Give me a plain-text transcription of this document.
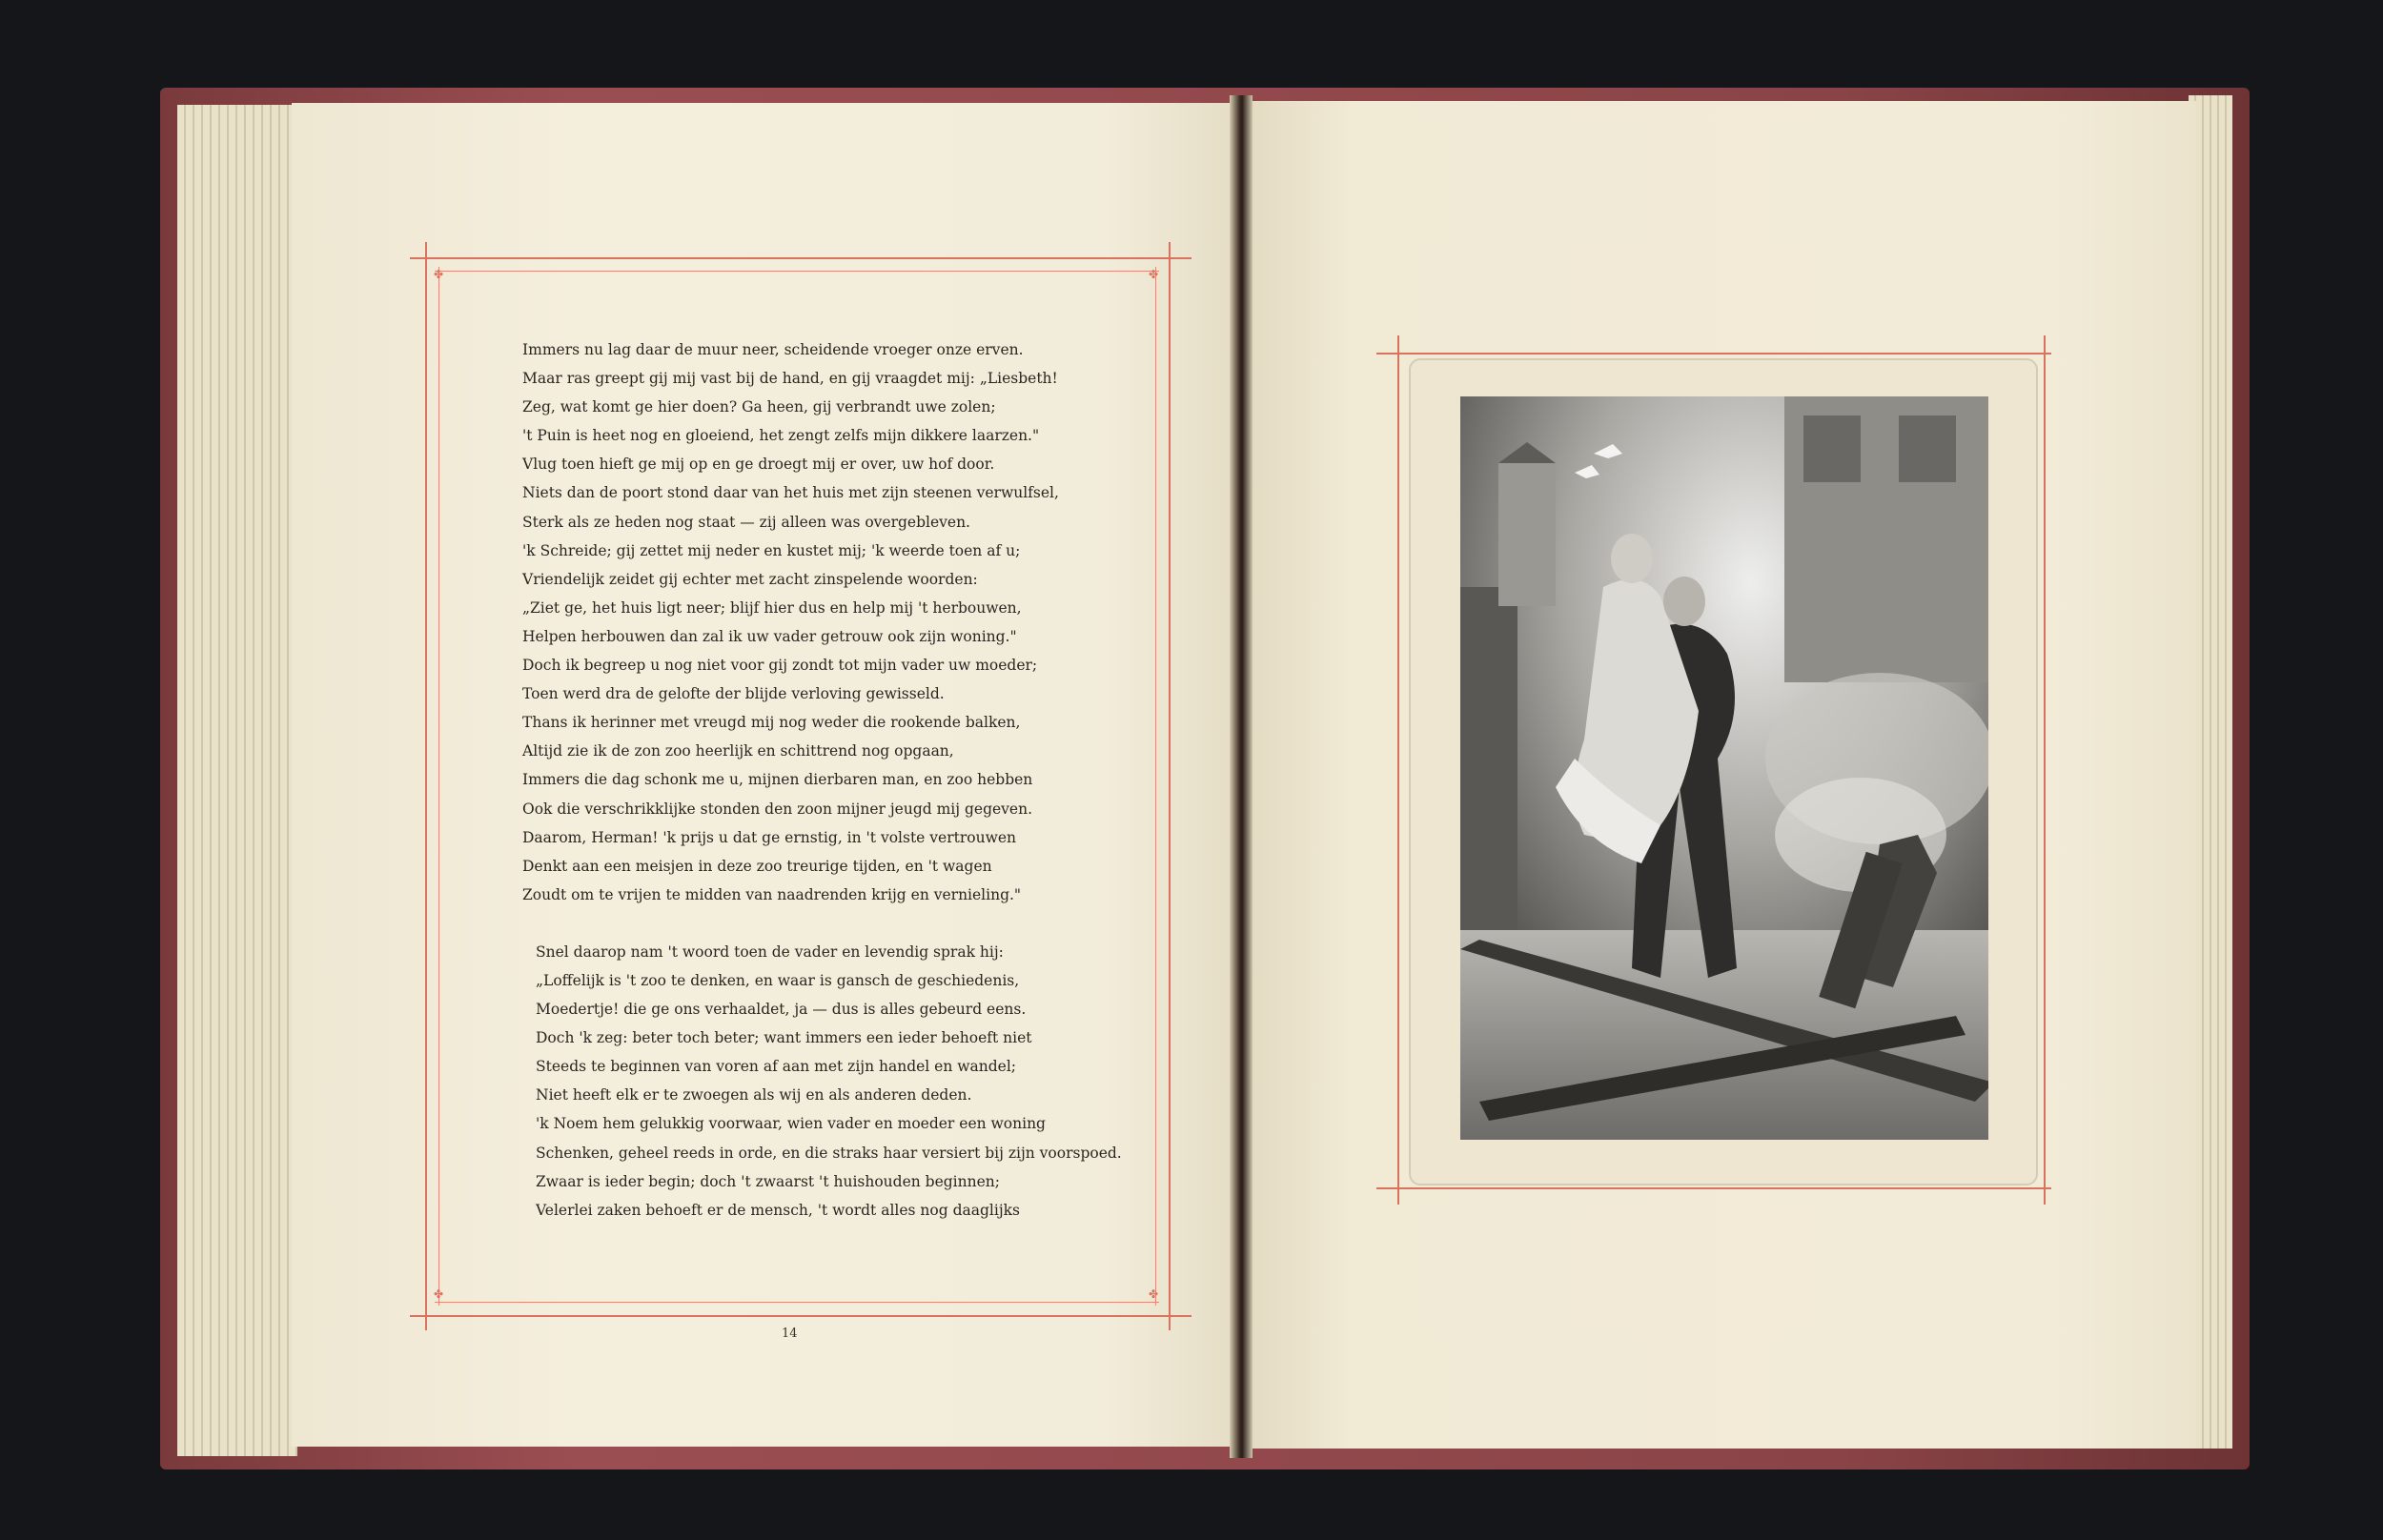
✤	✤
✤	✤
Immers nu lag daar de muur neer, scheidende vroeger onze erven.
Maar ras greept gij mij vast bij de hand, en gij vraagdet mij: „Liesbeth!
Zeg, wat komt ge hier doen? Ga heen, gij verbrandt uwe zolen;
't Puin is heet nog en gloeiend, het zengt zelfs mijn dikkere laarzen."
Vlug toen hieft ge mij op en ge droegt mij er over, uw hof door.
Niets dan de poort stond daar van het huis met zijn steenen verwulfsel,
Sterk als ze heden nog staat — zij alleen was overgebleven.
'k Schreide; gij zettet mij neder en kustet mij; 'k weerde toen af u;
Vriendelijk zeidet gij echter met zacht zinspelende woorden:
„Ziet ge, het huis ligt neer; blijf hier dus en help mij 't herbouwen,
Helpen herbouwen dan zal ik uw vader getrouw ook zijn woning."
Doch ik begreep u nog niet voor gij zondt tot mijn vader uw moeder;
Toen werd dra de gelofte der blijde verloving gewisseld.
Thans ik herinner met vreugd mij nog weder die rookende balken,
Altijd zie ik de zon zoo heerlijk en schittrend nog opgaan,
Immers die dag schonk me u, mijnen dierbaren man, en zoo hebben
Ook die verschrikklijke stonden den zoon mijner jeugd mij gegeven.
Daarom, Herman! 'k prijs u dat ge ernstig, in 't volste vertrouwen
Denkt aan een meisjen in deze zoo treurige tijden, en 't wagen
Zoudt om te vrijen te midden van naadrenden krijg en vernieling."
Snel daarop nam 't woord toen de vader en levendig sprak hij:
„Loffelijk is 't zoo te denken, en waar is gansch de geschiedenis,
Moedertje! die ge ons verhaaldet, ja — dus is alles gebeurd eens.
Doch 'k zeg: beter toch beter; want immers een ieder behoeft niet
Steeds te beginnen van voren af aan met zijn handel en wandel;
Niet heeft elk er te zwoegen als wij en als anderen deden.
'k Noem hem gelukkig voorwaar, wien vader en moeder een woning
Schenken, geheel reeds in orde, en die straks haar versiert bij zijn voorspoed.
Zwaar is ieder begin; doch 't zwaarst 't huishouden beginnen;
Velerlei zaken behoeft er de mensch, 't wordt alles nog daaglijks
14
